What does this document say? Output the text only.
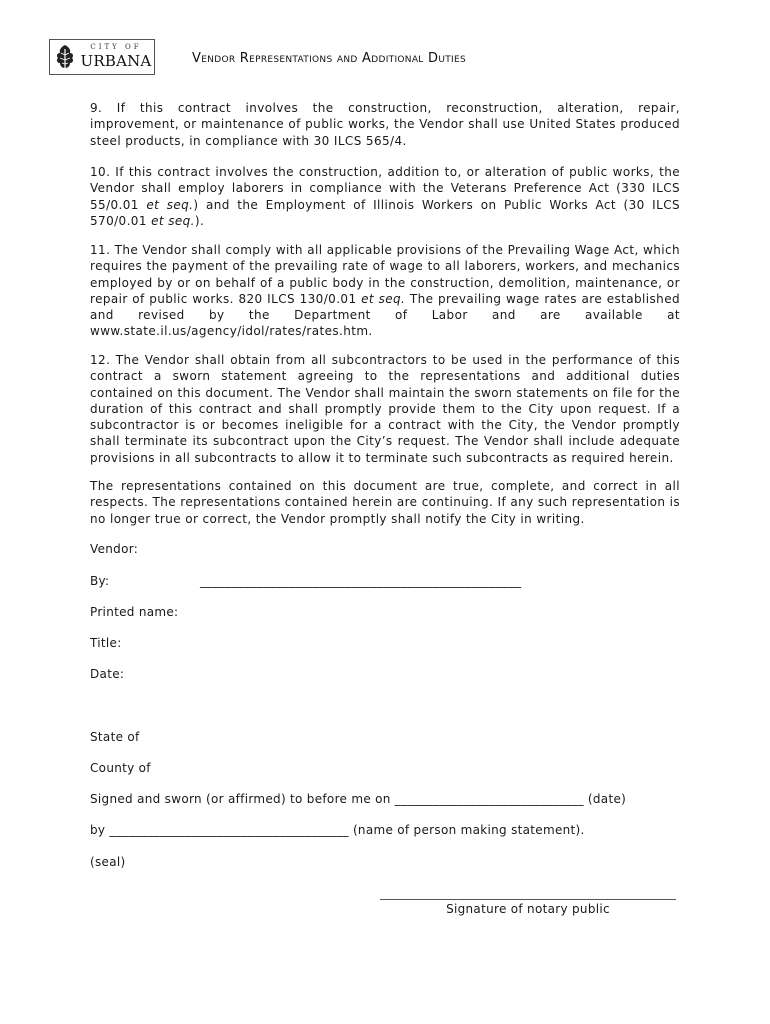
CITY OF
URBANA	Vendor Representations and Additional Duties

9. If this contract involves the construction, reconstruction, alteration, repair, improvement, or maintenance of public works, the Vendor shall use United States produced steel products, in compliance with 30 ILCS 565/4.

10. If this contract involves the construction, addition to, or alteration of public works, the Vendor shall employ laborers in compliance with the Veterans Preference Act (330 ILCS 55/0.01 et seq.) and the Employment of Illinois Workers on Public Works Act (30 ILCS 570/0.01 et seq.).

11. The Vendor shall comply with all applicable provisions of the Prevailing Wage Act, which requires the payment of the prevailing rate of wage to all laborers, workers, and mechanics employed by or on behalf of a public body in the construction, demolition, maintenance, or repair of public works. 820 ILCS 130/0.01 et seq. The prevailing wage rates are established and revised by the Department of Labor and are available at www.state.il.us/agency/idol/rates/rates.htm.

12. The Vendor shall obtain from all subcontractors to be used in the performance of this contract a sworn statement agreeing to the representations and additional duties contained on this document. The Vendor shall maintain the sworn statements on file for the duration of this contract and shall promptly provide them to the City upon request. If a subcontractor is or becomes ineligible for a contract with the City, the Vendor promptly shall terminate its subcontract upon the City’s request. The Vendor shall include adequate provisions in all subcontracts to allow it to terminate such subcontracts as required herein.

The representations contained on this document are true, complete, and correct in all respects. The representations contained herein are continuing. If any such representation is no longer true or correct, the Vendor promptly shall notify the City in writing.

Vendor:
By:	___________________________________________________
Printed name:
Title:
Date:
State of
County of
Signed and sworn (or affirmed) to before me on ______________________________ (date)
by ______________________________________ (name of person making statement).
(seal)
Signature of notary public
